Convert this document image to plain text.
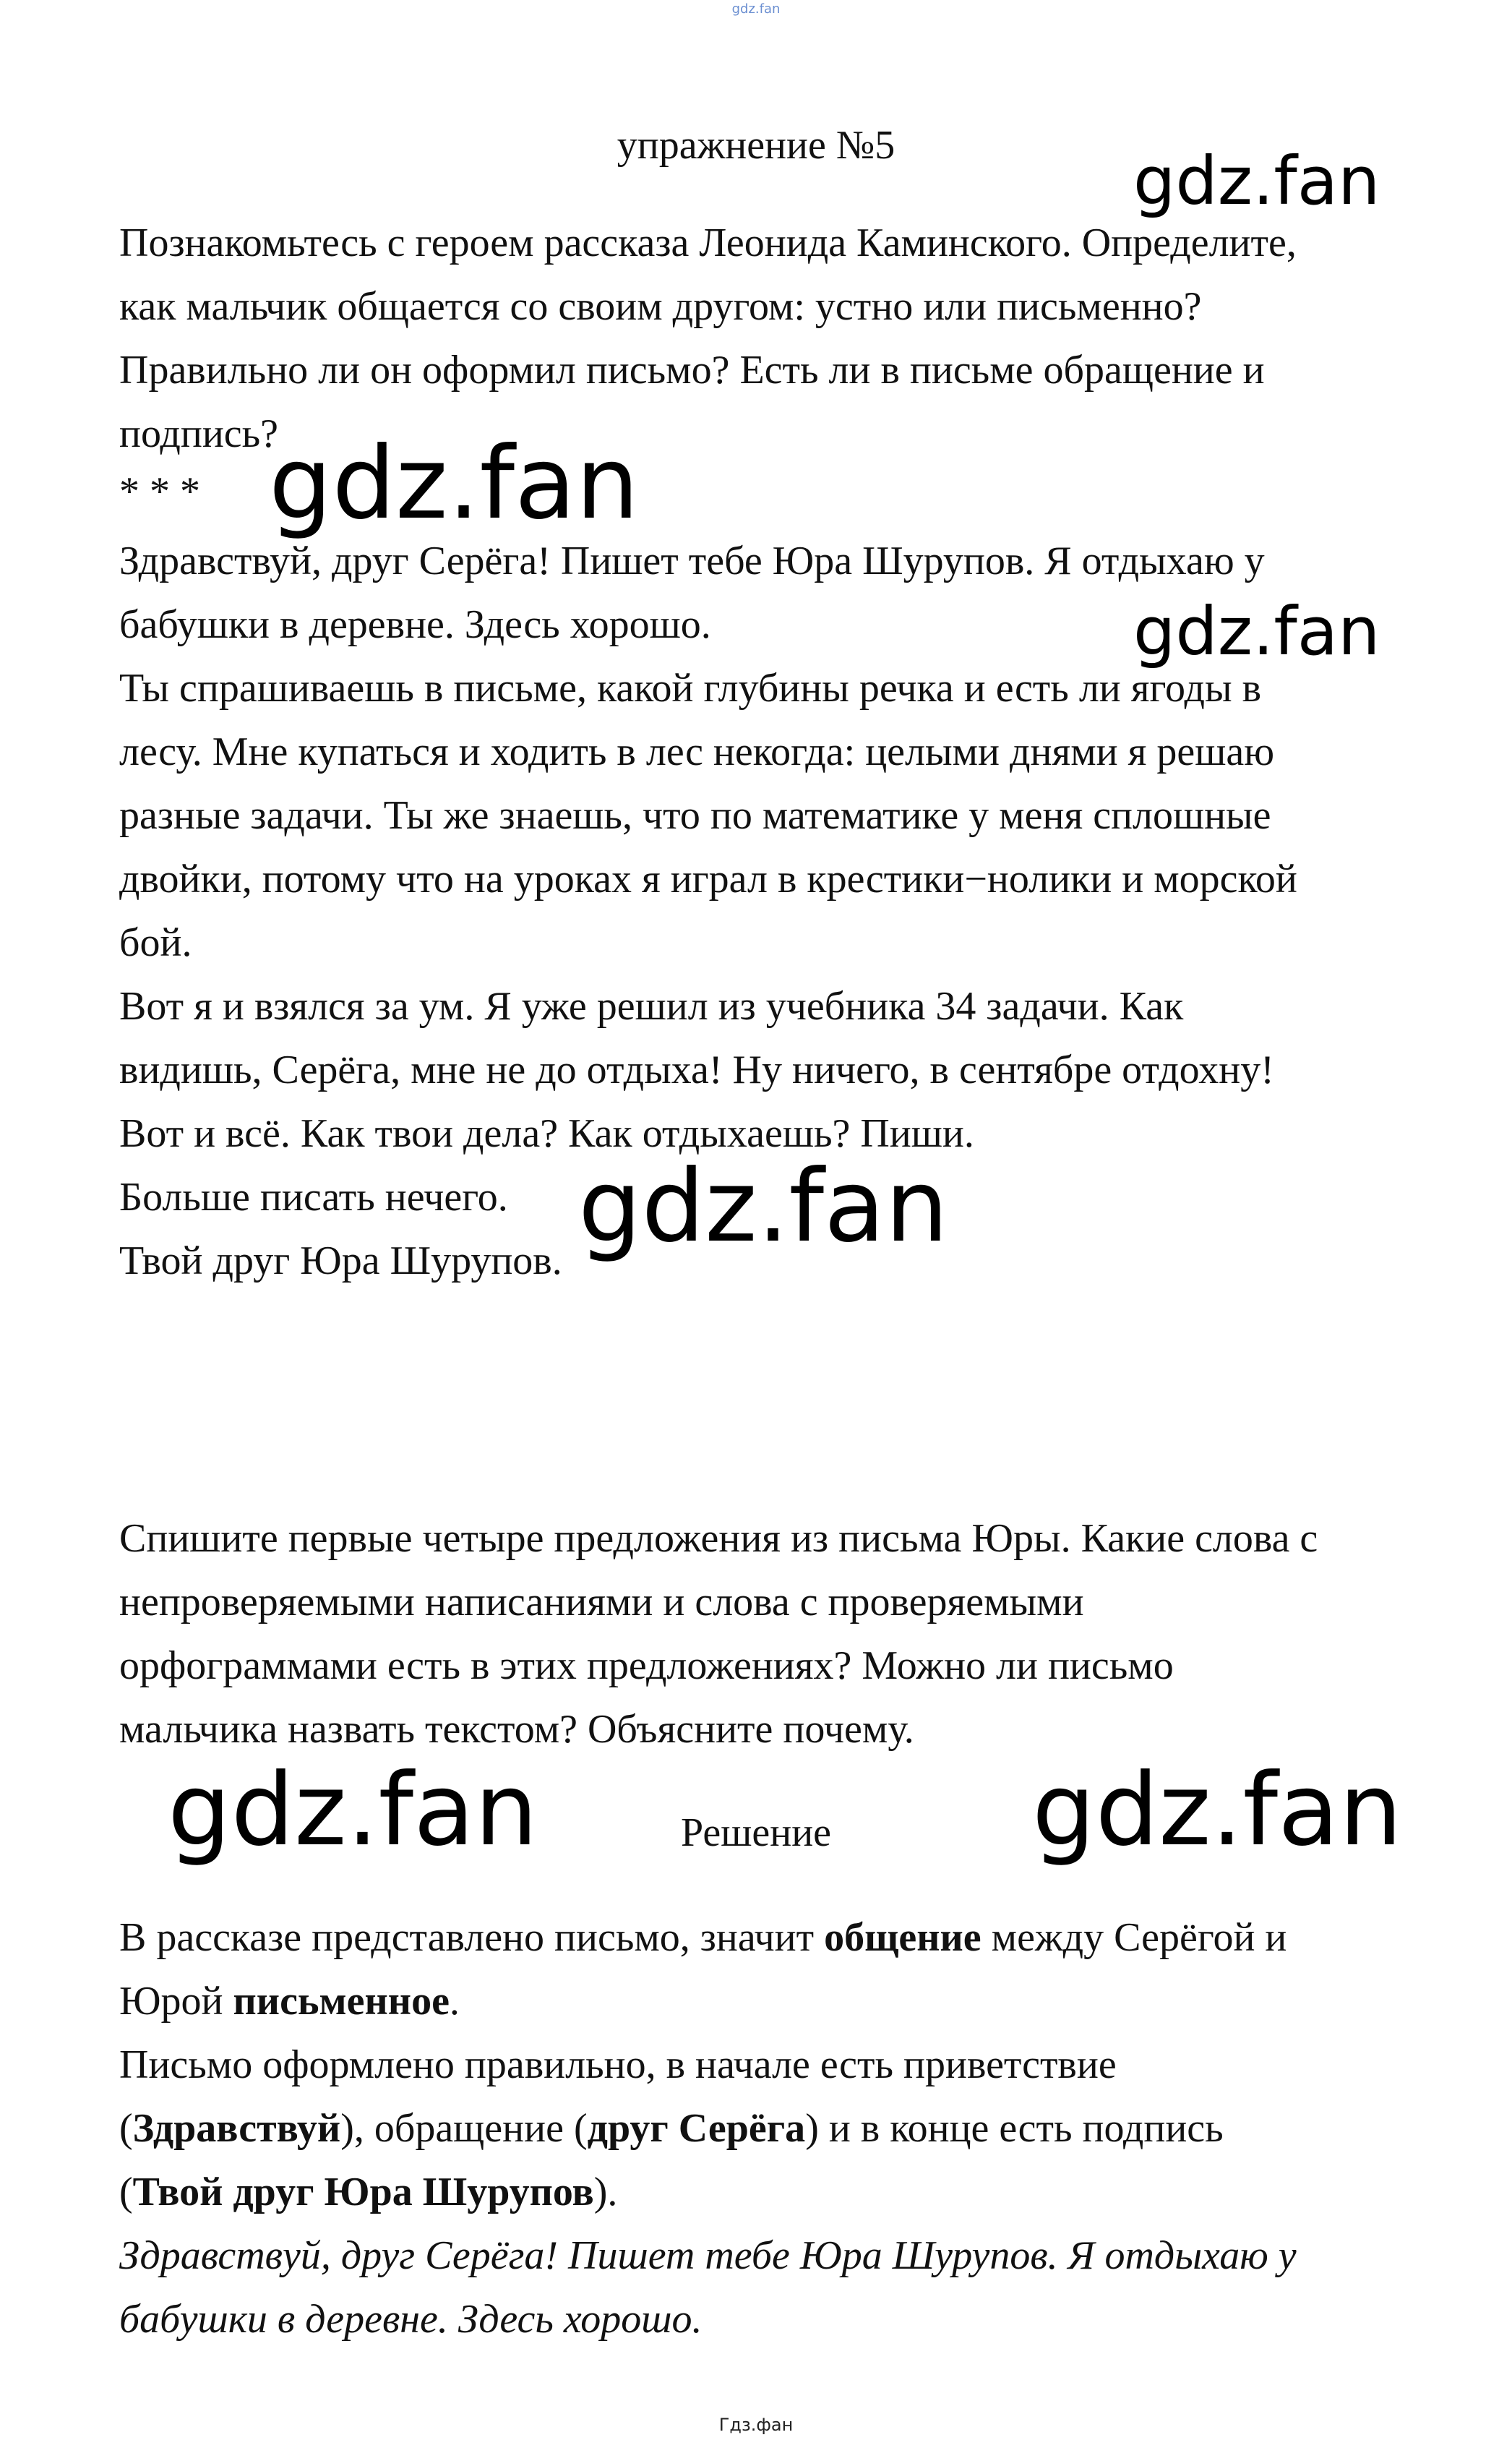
gdz.fan

упражнение №5

Познакомьтесь с героем рассказа Леонида Каминского. Определите,

как мальчик общается со своим другом: устно или письменно?

Правильно ли он оформил письмо? Есть ли в письме обращение и

подпись?

* * *

Здравствуй, друг Серёга! Пишет тебе Юра Шурупов. Я отдыхаю у

бабушки в деревне. Здесь хорошо.

Ты спрашиваешь в письме, какой глубины речка и есть ли ягоды в

лесу. Мне купаться и ходить в лес некогда: целыми днями я решаю

разные задачи. Ты же знаешь, что по математике у меня сплошные

двойки, потому что на уроках я играл в крестики−нолики и морской

бой.

Вот я и взялся за ум. Я уже решил из учебника 34 задачи. Как

видишь, Серёга, мне не до отдыха! Ну ничего, в сентябре отдохну!

Вот и всё. Как твои дела? Как отдыхаешь? Пиши.

Больше писать нечего.

Твой друг Юра Шурупов.

Спишите первые четыре предложения из письма Юры. Какие слова с

непроверяемыми написаниями и слова с проверяемыми

орфограммами есть в этих предложениях? Можно ли письмо

мальчика назвать текстом? Объясните почему.

Решение

В рассказе представлено письмо, значит общение между Серёгой и

Юрой письменное.

Письмо оформлено правильно, в начале есть приветствие

(Здравствуй), обращение (друг Серёга) и в конце есть подпись

(Твой друг Юра Шурупов).

Здравствуй, друг Серёга! Пишет тебе Юра Шурупов. Я отдыхаю у

бабушки в деревне. Здесь хорошо.

gdz.fan
gdz.fan
gdz.fan
gdz.fan
gdz.fan	gdz.fan
Гдз.фан
